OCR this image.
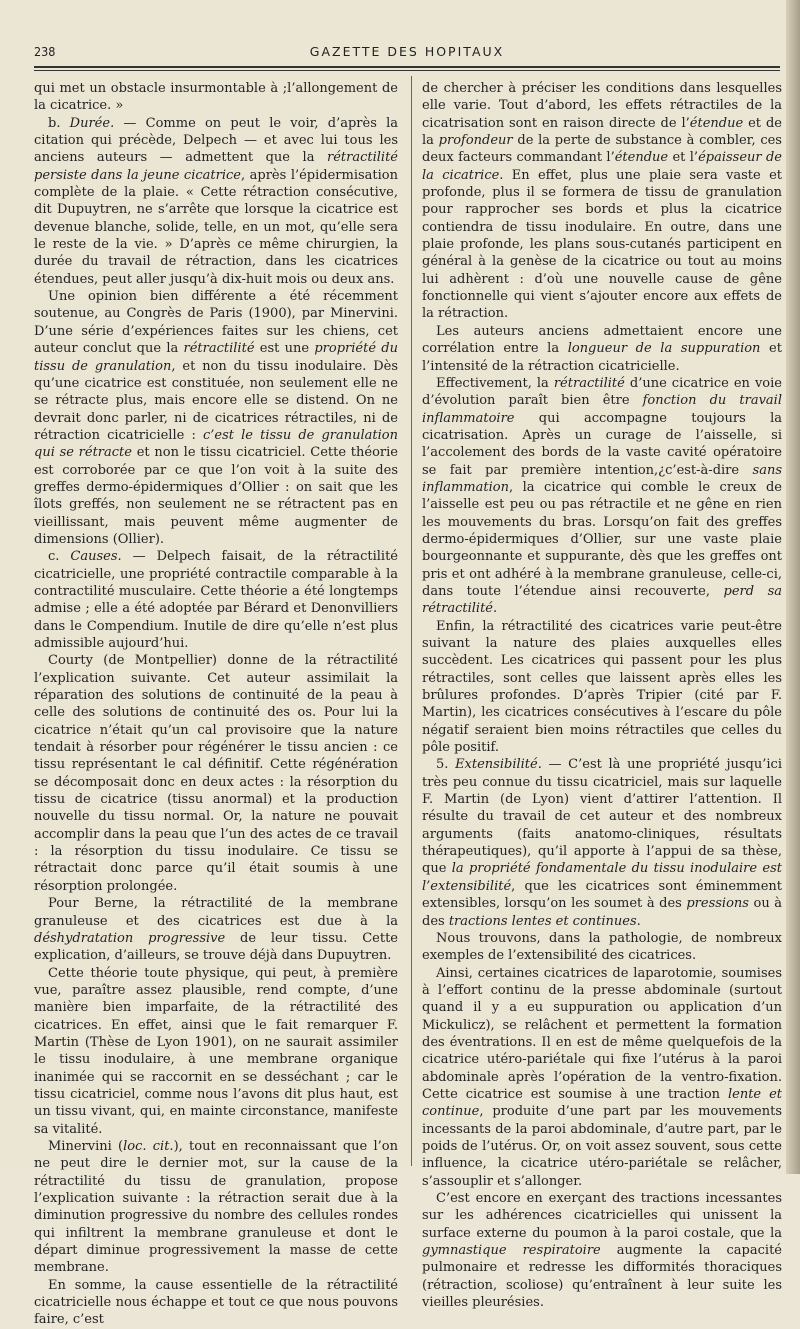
238	GAZETTE DES HOPITAUX

qui met un obstacle insurmontable à ;l’allongement de la cicatrice. »

b. Durée. — Comme on peut le voir, d’après la citation qui précède, Delpech — et avec lui tous les anciens auteurs — admettent que la rétractilité persiste dans la jeune cicatrice, après l’épidermisation complète de la plaie. « Cette rétraction consécutive, dit Dupuytren, ne s’arrête que lorsque la cicatrice est devenue blanche, solide, telle, en un mot, qu’elle sera le reste de la vie. » D’après ce même chirurgien, la durée du travail de rétraction, dans les cicatrices étendues, peut aller jusqu’à dix-huit mois ou deux ans.

Une opinion bien différente a été récemment soutenue, au Congrès de Paris (1900), par Minervini. D’une série d’expériences faites sur les chiens, cet auteur conclut que la rétractilité est une propriété du tissu de granulation, et non du tissu inodulaire. Dès qu’une cicatrice est constituée, non seulement elle ne se rétracte plus, mais encore elle se distend. On ne devrait donc parler, ni de cicatrices rétractiles, ni de rétraction cicatricielle : c’est le tissu de granulation qui se rétracte et non le tissu cicatriciel. Cette théorie est corroborée par ce que l’on voit à la suite des greffes dermo-épidermiques d’Ollier : on sait que les îlots greffés, non seulement ne se rétractent pas en vieillissant, mais peuvent même augmenter de dimensions (Ollier).

c. Causes. — Delpech faisait, de la rétractilité cicatricielle, une propriété contractile comparable à la contractilité musculaire. Cette théorie a été longtemps admise ; elle a été adoptée par Bérard et Denonvilliers dans le Compendium. Inutile de dire qu’elle n’est plus admissible aujourd’hui.

Courty (de Montpellier) donne de la rétractilité l’explication suivante. Cet auteur assimilait la réparation des solutions de continuité de la peau à celle des solutions de continuité des os. Pour lui la cicatrice n’était qu’un cal provisoire que la nature tendait à résorber pour régénérer le tissu ancien : ce tissu représentant le cal définitif. Cette régénération se décomposait donc en deux actes : la résorption du tissu de cicatrice (tissu anormal) et la production nouvelle du tissu normal. Or, la nature ne pouvait accomplir dans la peau que l’un des actes de ce travail : la résorption du tissu inodulaire. Ce tissu se rétractait donc parce qu’il était soumis à une résorption prolongée.

Pour Berne, la rétractilité de la membrane granuleuse et des cicatrices est due à la déshydratation progressive de leur tissu. Cette explication, d’ailleurs, se trouve déjà dans Dupuytren.

Cette théorie toute physique, qui peut, à première vue, paraître assez plausible, rend compte, d’une manière bien imparfaite, de la rétractilité des cicatrices. En effet, ainsi que le fait remarquer F. Martin (Thèse de Lyon 1901), on ne saurait assimiler le tissu inodulaire, à une membrane organique inanimée qui se raccornit en se desséchant ; car le tissu cicatriciel, comme nous l’avons dit plus haut, est un tissu vivant, qui, en mainte circonstance, manifeste sa vitalité.

Minervini (loc. cit.), tout en reconnaissant que l’on ne peut dire le dernier mot, sur la cause de la rétractilité du tissu de granulation, propose l’explication suivante : la rétraction serait due à la diminution progressive du nombre des cellules rondes qui infiltrent la membrane granuleuse et dont le départ diminue progressivement la masse de cette membrane.

En somme, la cause essentielle de la rétractilité cicatricielle nous échappe et tout ce que nous pouvons faire, c’est

de chercher à préciser les conditions dans lesquelles elle varie. Tout d’abord, les effets rétractiles de la cicatrisation sont en raison directe de l’étendue et de la profondeur de la perte de substance à combler, ces deux facteurs commandant l’étendue et l’épaisseur de la cicatrice. En effet, plus une plaie sera vaste et profonde, plus il se formera de tissu de granulation pour rapprocher ses bords et plus la cicatrice contiendra de tissu inodulaire. En outre, dans une plaie profonde, les plans sous-cutanés participent en général à la genèse de la cicatrice ou tout au moins lui adhèrent : d’où une nouvelle cause de gêne fonctionnelle qui vient s’ajouter encore aux effets de la rétraction.

Les auteurs anciens admettaient encore une corrélation entre la longueur de la suppuration et l’intensité de la rétraction cicatricielle.

Effectivement, la rétractilité d’une cicatrice en voie d’évolution paraît bien être fonction du travail inflammatoire qui accompagne toujours la cicatrisation. Après un curage de l’aisselle, si l’accolement des bords de la vaste cavité opératoire se fait par première intention,¿c’est-à-dire sans inflammation, la cicatrice qui comble le creux de l’aisselle est peu ou pas rétractile et ne gêne en rien les mouvements du bras. Lorsqu’on fait des greffes dermo-épidermiques d’Ollier, sur une vaste plaie bourgeonnante et suppurante, dès que les greffes ont pris et ont adhéré à la membrane granuleuse, celle-ci, dans toute l’étendue ainsi recouverte, perd sa rétractilité.

Enfin, la rétractilité des cicatrices varie peut-être suivant la nature des plaies auxquelles elles succèdent. Les cicatrices qui passent pour les plus rétractiles, sont celles que laissent après elles les brûlures profondes. D’après Tripier (cité par F. Martin), les cicatrices consécutives à l’escare du pôle négatif seraient bien moins rétractiles que celles du pôle positif.

5. Extensibilité. — C’est là une propriété jusqu’ici très peu connue du tissu cicatriciel, mais sur laquelle F. Martin (de Lyon) vient d’attirer l’attention. Il résulte du travail de cet auteur et des nombreux arguments (faits anatomo-cliniques, résultats thérapeutiques), qu’il apporte à l’appui de sa thèse, que la propriété fondamentale du tissu inodulaire est l’extensibilité, que les cicatrices sont éminemment extensibles, lorsqu’on les soumet à des pressions ou à des tractions lentes et continues.

Nous trouvons, dans la pathologie, de nombreux exemples de l’extensibilité des cicatrices.

Ainsi, certaines cicatrices de laparotomie, soumises à l’effort continu de la presse abdominale (surtout quand il y a eu suppuration ou application d’un Mickulicz), se relâchent et permettent la formation des éventrations. Il en est de même quelquefois de la cicatrice utéro-pariétale qui fixe l’utérus à la paroi abdominale après l’opération de la ventro-fixation. Cette cicatrice est soumise à une traction lente et continue, produite d’une part par les mouvements incessants de la paroi abdominale, d’autre part, par le poids de l’utérus. Or, on voit assez souvent, sous cette influence, la cicatrice utéro-pariétale se relâcher, s’assouplir et s’allonger.

C’est encore en exerçant des tractions incessantes sur les adhérences cicatricielles qui unissent la surface externe du poumon à la paroi costale, que la gymnastique respiratoire augmente la capacité pulmonaire et redresse les difformités thoraciques (rétraction, scoliose) qu’entraînent à leur suite les vieilles pleurésies.
